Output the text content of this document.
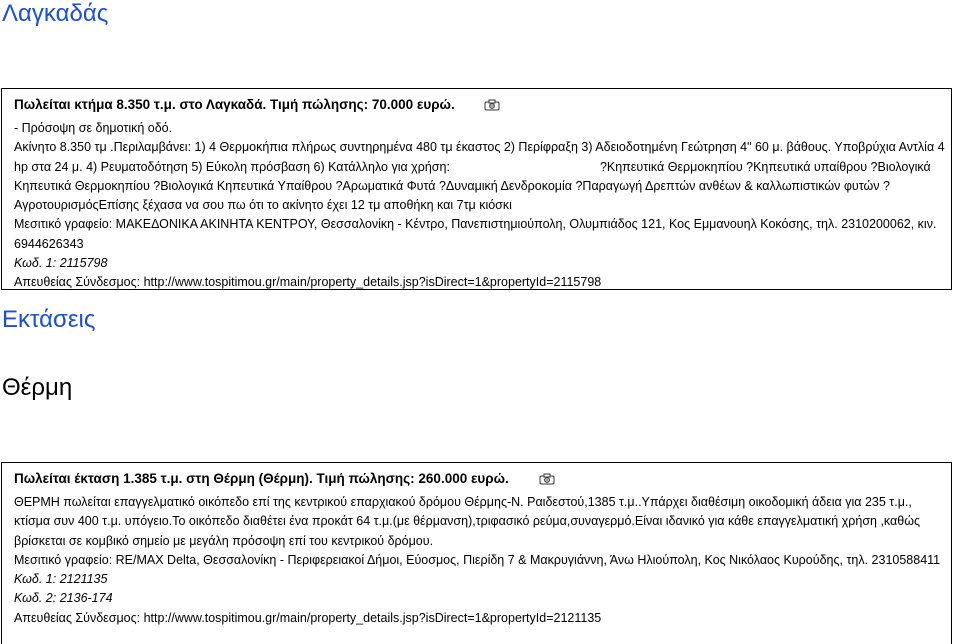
Λαγκαδάς
Πωλείται κτήμα 8.350 τ.μ. στο Λαγκαδά. Τιμή πώλησης: 70.000 ευρώ.

- Πρόσοψη σε δημοτική οδό.

Ακίνητο 8.350 τμ .Περιλαμβάνει: 1) 4 Θερμοκήπια πλήρως συντηρημένα 480 τμ έκαστος 2) Περίφραξη 3) Αδειοδοτημένη Γεώτρηση 4" 60 μ. βάθους. Υποβρύχια Αντλία 4 hp στα 24 μ. 4) Ρευματοδότηση 5) Εύκολη πρόσβαση 6) Κατάλληλο για χρήση:	?Κηπευτικά Θερμοκηπίου ?Κηπευτικά υπαίθρου ?Βιολογικά Κηπευτικά Θερμοκηπίου ?Βιολογικά Κηπευτικά Υπαίθρου ?Αρωματικά Φυτά ?Δυναμική Δενδροκομία ?Παραγωγή Δρεπτών ανθέων & καλλωπιστικών φυτών ?ΑγροτουρισμόςΕπίσης ξέχασα να σου πω ότι το ακίνητο έχει 12 τμ αποθήκη και 7τμ κιόσκι

Μεσιτικό γραφείο: ΜΑΚΕΔΟΝΙΚΑ ΑΚΙΝΗΤΑ ΚΕΝΤΡΟΥ, Θεσσαλονίκη - Κέντρο, Πανεπιστημιούπολη, Ολυμπιάδος 121, Κος Εμμανουηλ Κοκόσης, τηλ. 2310200062, κιν. 6944626343

Κωδ. 1: 2115798

Απευθείας Σύνδεσμος: http://www.tospitimou.gr/main/property_details.jsp?isDirect=1&propertyId=2115798

Εκτάσεις
Θέρμη
Πωλείται έκταση 1.385 τ.μ. στη Θέρμη (Θέρμη). Τιμή πώλησης: 260.000 ευρώ.

ΘΕΡΜΗ πωλείται επαγγελματικό οικόπεδο επί της κεντρικού επαρχιακού δρόμου Θέρμης-Ν. Ραιδεστού,1385 τ.μ..Υπάρχει διαθέσιμη οικοδομική άδεια για 235 τ.μ., κτίσμα συν 400 τ.μ. υπόγειο.Το οικόπεδο διαθέτει ένα προκάτ 64 τ.μ.(με θέρμανση),τριφασικό ρεύμα,συναγερμό.Είναι ιδανικό για κάθε επαγγελματική χρήση ,καθώς βρίσκεται σε κομβικό σημείο με μεγάλη πρόσοψη επί του κεντρικού δρόμου.

Μεσιτικό γραφείο: RE/MAX Delta, Θεσσαλονίκη - Περιφερειακοί Δήμοι, Εύοσμος, Πιερίδη 7 & Μακρυγιάννη, Άνω Ηλιούπολη, Κος Νικόλαος Κυρούδης, τηλ. 2310588411

Κωδ. 1: 2121135

Κωδ. 2: 2136-174

Απευθείας Σύνδεσμος: http://www.tospitimou.gr/main/property_details.jsp?isDirect=1&propertyId=2121135
